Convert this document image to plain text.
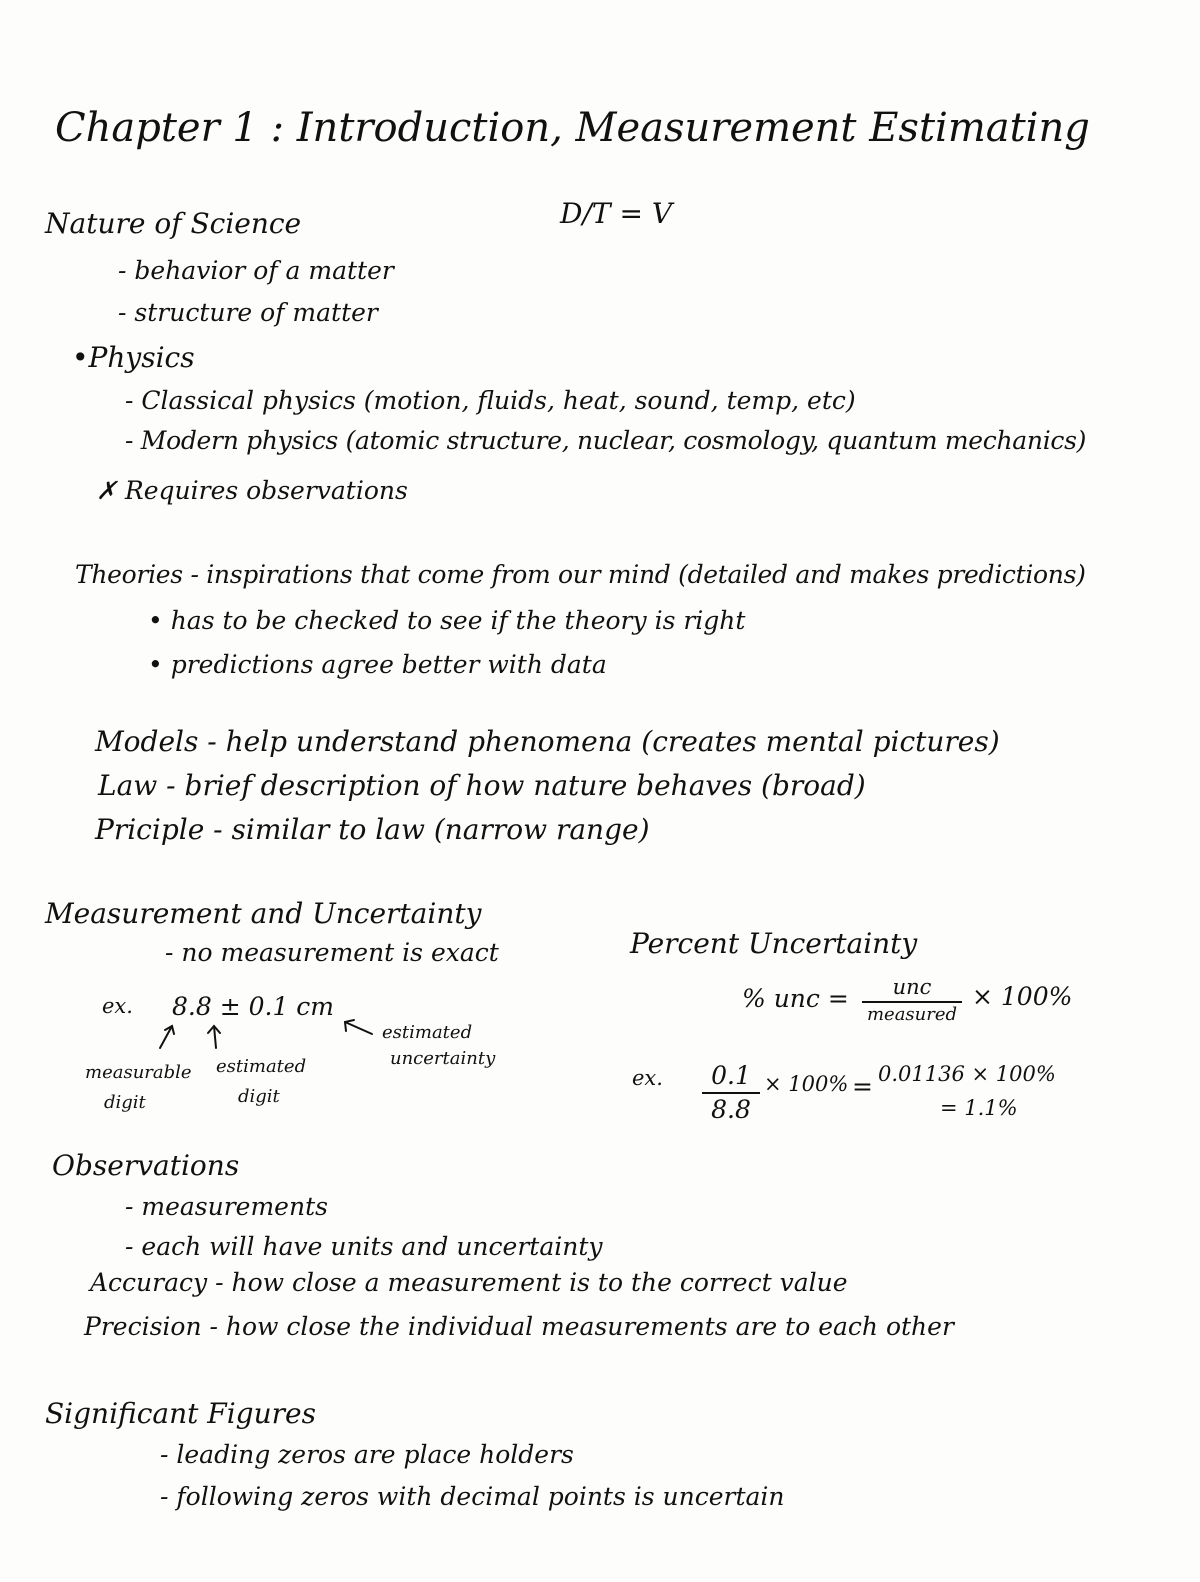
Chapter 1 : Introduction, Measurement Estimating
D/T = V
Nature of Science
- behavior of a matter
- structure of matter
•Physics
- Classical physics (motion, fluids, heat, sound, temp, etc)
- Modern physics (atomic structure, nuclear, cosmology, quantum mechanics)
✗ Requires observations
Theories - inspirations that come from our mind (detailed and makes predictions)
• has to be checked to see if the theory is right
• predictions agree better with data
Models - help understand phenomena (creates mental pictures)
Law - brief description of how nature behaves (broad)
Priciple - similar to law (narrow range)
Measurement and Uncertainty
- no measurement is exact
ex. 8.8 ± 0.1 cm
measurable
digit
estimated
digit
estimated
uncertainty
Percent Uncertainty
% unc =	unc
measured
× 100%
ex.	0.1
8.8
× 100% = 0.01136 × 100%
= 1.1%
Observations
- measurements
- each will have units and uncertainty
Accuracy - how close a measurement is to the correct value
Precision - how close the individual measurements are to each other
Significant Figures
- leading zeros are place holders
- following zeros with decimal points is uncertain
